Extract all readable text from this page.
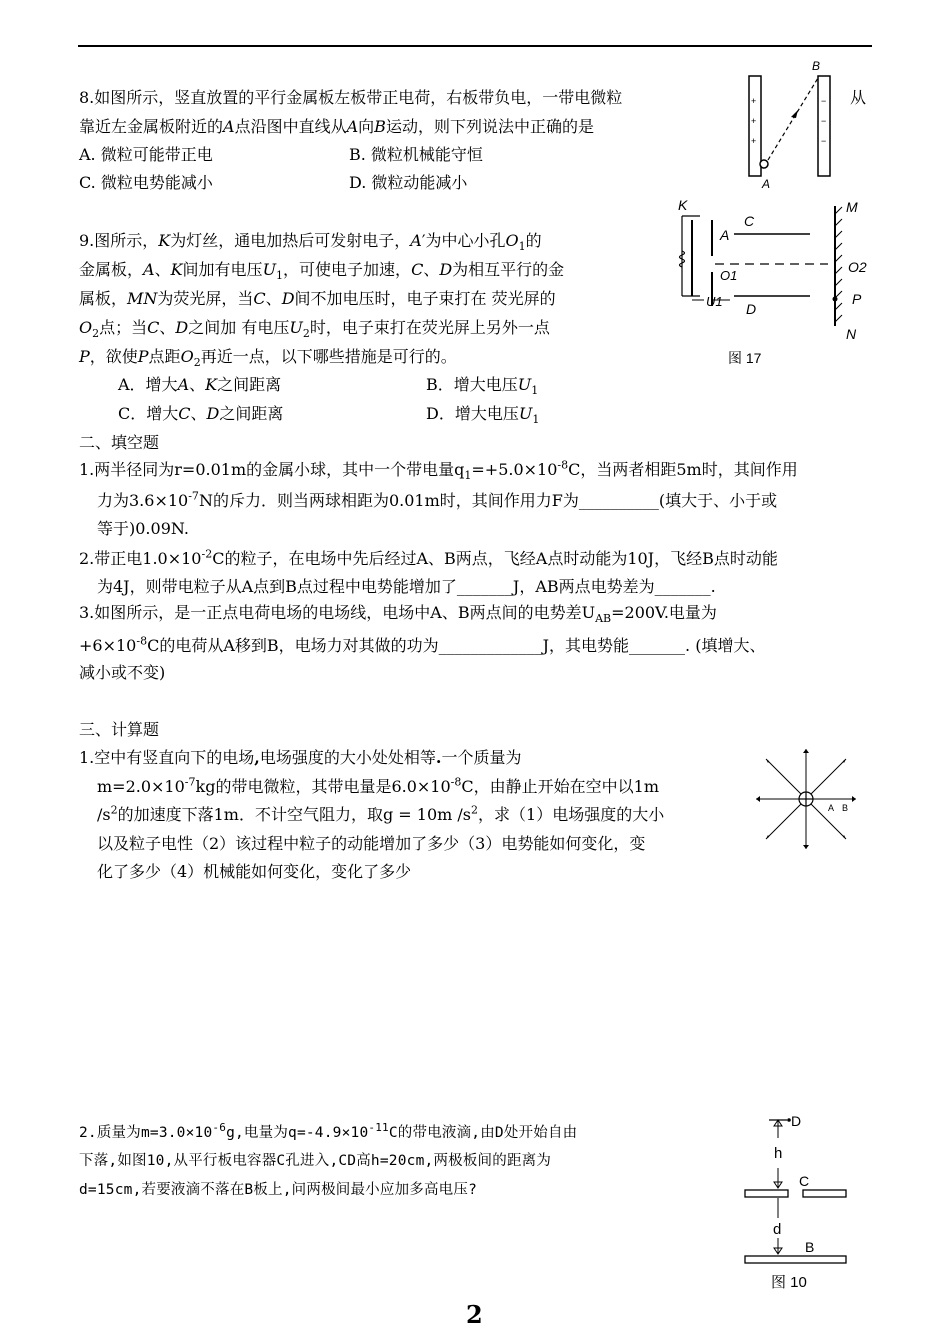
8.如图所示，竖直放置的平行金属板左板带正电荷，右板带负电，一带电微粒	从
靠近左金属板附近的A点沿图中直线从A向B运动，则下列说法中正确的是
A. 微粒可能带正电	B. 微粒机械能守恒
C. 微粒电势能减小	D. 微粒动能减小
+
+
+
−
−
−
A
B
9.图所示，K为灯丝，通电加热后可发射电子，A′为中心小孔$O_1$的
金属板，A、K间加有电压$U_1$，可使电子加速，C、D为相互平行的金
属板，MN为荧光屏，当C、D间不加电压时，电子束打在 荧光屏的
$O_2$点；当C、D之间加 有电压$U_2$时，电子束打在荧光屏上另外一点
P，欲使P点距$O_2$再近一点，以下哪些措施是可行的。
A．增大A、K之间距离	B．增大电压$U_1$
C．增大C、D之间距离	D．增大电压$U_1$
K
A
C
D
O1
U1
M
O2
P
N
图 17
二、填空题
1.两半径同为r=0.01m的金属小球，其中一个带电量$q_1=+5.0\times 10^{-8}C$，当两者相距5m时，其间作用
力为$3.6\times 10^{-7}N$的斥力．则当两球相距为0.01m时，其间作用力F为__________(填大于、小于或
等于)0.09N.
2.带正电$1.0\times 10^{-2}C$的粒子，在电场中先后经过A、B两点，飞经A点时动能为10J，飞经B点时动能
为4J，则带电粒子从A点到B点过程中电势能增加了_______J，AB两点电势差为_______.
3.如图所示，是一正点电荷电场的电场线，电场中A、B两点间的电势差$U_{AB}=200V$.电量为
$+6\times 10^{-8}C$的电荷从A移到B，电场力对其做的功为_____________J，其电势能_______. (填增大、
减小或不变)
三、计算题
1.空中有竖直向下的电场,电场强度的大小处处相等.一个质量为
$m=2.0\times 10^{-7}kg$的带电微粒，其带电量是$6.0\times 10^{-8}C$，由静止开始在空中以1m
$/s^2$的加速度下落1m．不计空气阻力，取g = 10m $/s^2$，求（1）电场强度的大小
以及粒子电性（2）该过程中粒子的动能增加了多少（3）电势能如何变化，变
化了多少（4）机械能如何变化，变化了多少
A B
2.质量为$m=3.0\times 10^{-6}g$,电量为$q=-4.9\times 10^{-11}C$的带电液滴,由D处开始自由
下落,如图10,从平行板电容器C孔进入,CD高h=20cm,两极板间的距离为
d=15cm,若要液滴不落在B板上,问两极间最小应加多高电压?
D
h
C
d
B
图 10
2
